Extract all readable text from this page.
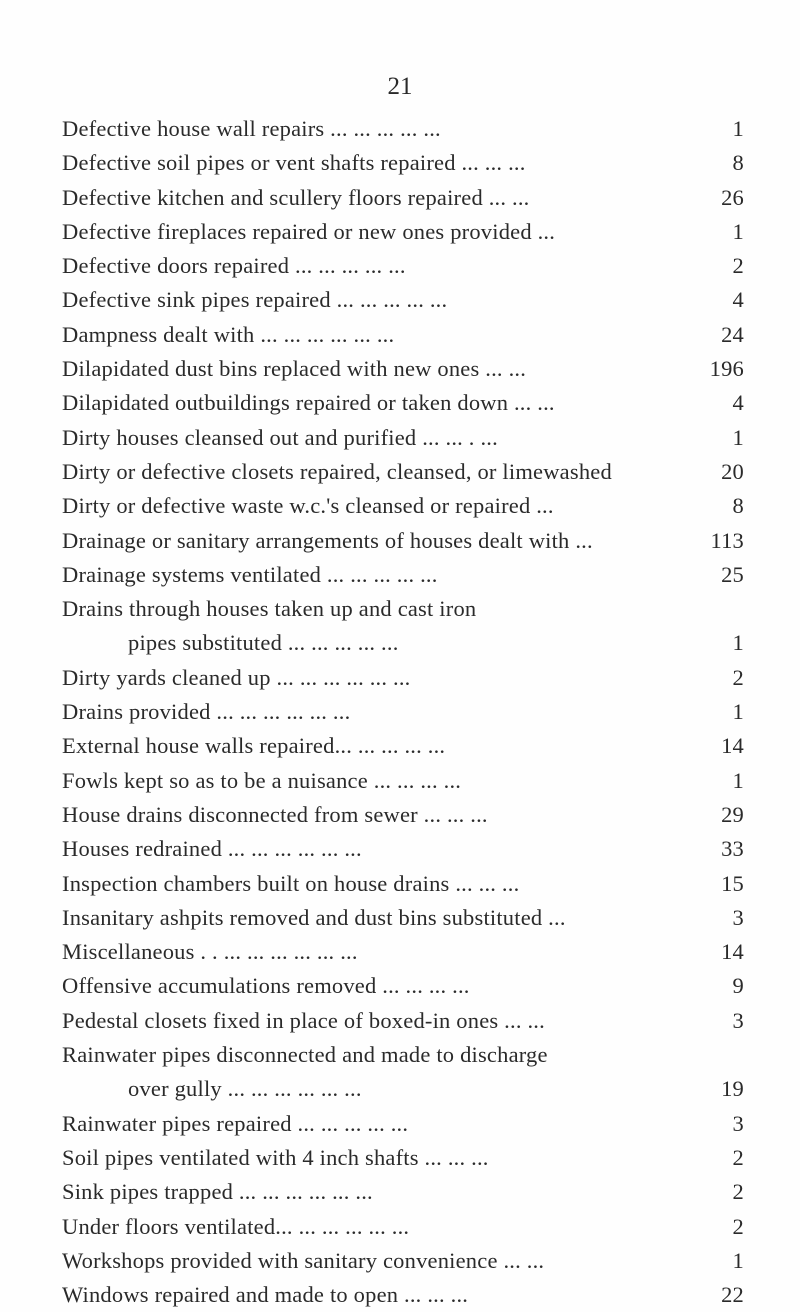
21
Defective house wall repairs ... ... ... ... ...	1
Defective soil pipes or vent shafts repaired ... ... ...	8
Defective kitchen and scullery floors repaired ... ...	26
Defective fireplaces repaired or new ones provided ...	1
Defective doors repaired ... ... ... ... ...	2
Defective sink pipes repaired ... ... ... ... ...	4
Dampness dealt with ... ... ... ... ... ...	24
Dilapidated dust bins replaced with new ones ... ...	196
Dilapidated outbuildings repaired or taken down ... ...	4
Dirty houses cleansed out and purified ... ... . ...	1
Dirty or defective closets repaired, cleansed, or limewashed	20
Dirty or defective waste w.c.'s cleansed or repaired ...	8
Drainage or sanitary arrangements of houses dealt with ...	113
Drainage systems ventilated ... ... ... ... ...	25
Drains through houses taken up and cast iron
pipes substituted ... ... ... ... ...	1
Dirty yards cleaned up ... ... ... ... ... ...	2
Drains provided ... ... ... ... ... ...	1
External house walls repaired... ... ... ... ...	14
Fowls kept so as to be a nuisance ... ... ... ...	1
House drains disconnected from sewer ... ... ...	29
Houses redrained ... ... ... ... ... ...	33
Inspection chambers built on house drains ... ... ...	15
Insanitary ashpits removed and dust bins substituted ...	3
Miscellaneous . . ... ... ... ... ... ...	14
Offensive accumulations removed ... ... ... ...	9
Pedestal closets fixed in place of boxed-in ones ... ...	3
Rainwater pipes disconnected and made to discharge
over gully ... ... ... ... ... ...	19
Rainwater pipes repaired ... ... ... ... ...	3
Soil pipes ventilated with 4 inch shafts ... ... ...	2
Sink pipes trapped ... ... ... ... ... ...	2
Under floors ventilated... ... ... ... ... ...	2
Workshops provided with sanitary convenience ... ...	1
Windows repaired and made to open ... ... ...	22
